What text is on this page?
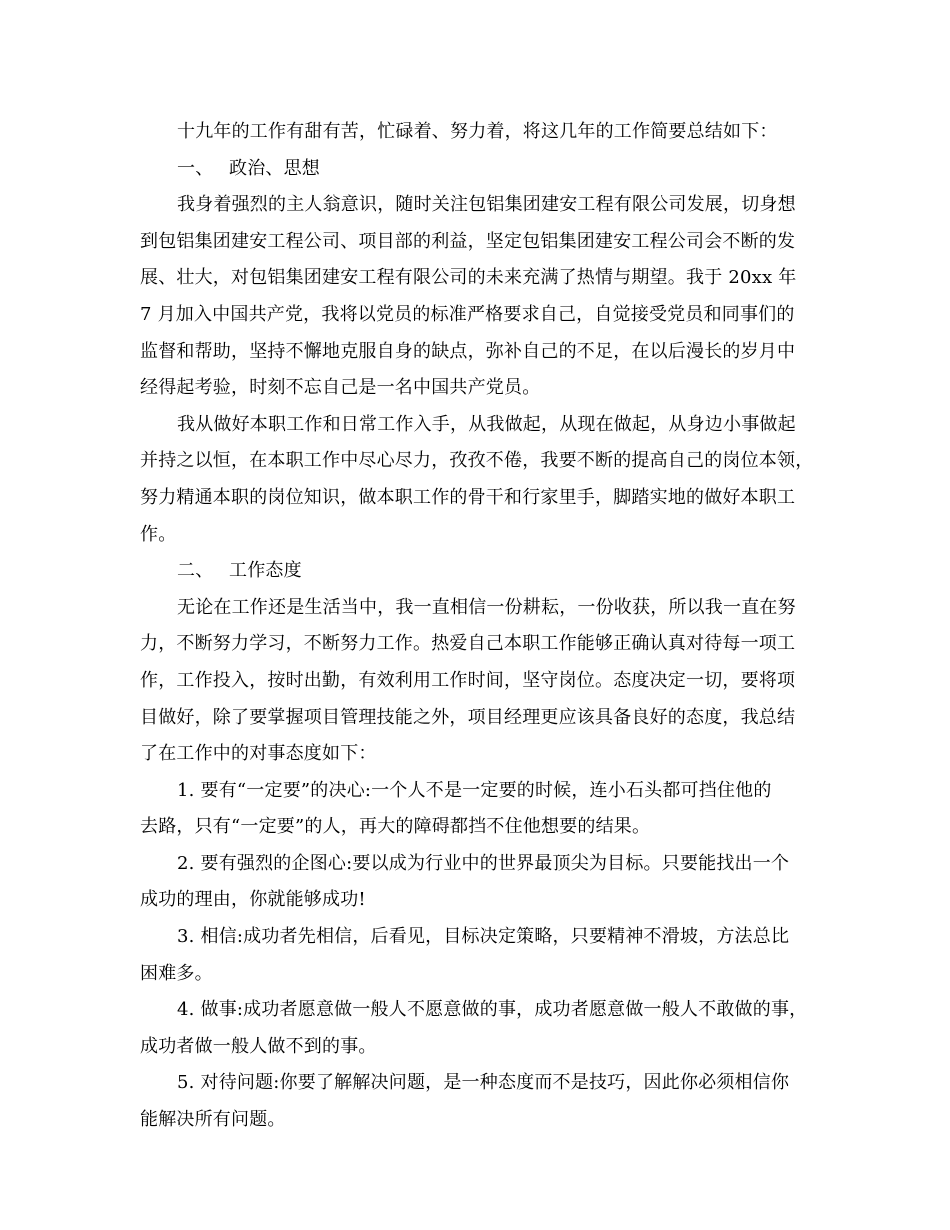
十九年的工作有甜有苦，忙碌着、努力着，将这几年的工作简要总结如下：
一、 政治、思想
我身着强烈的主人翁意识，随时关注包铝集团建安工程有限公司发展，切身想
到包铝集团建安工程公司、项目部的利益，坚定包铝集团建安工程公司会不断的发
展、壮大，对包铝集团建安工程有限公司的未来充满了热情与期望。我于 20xx 年
7 月加入中国共产党，我将以党员的标准严格要求自己，自觉接受党员和同事们的
监督和帮助，坚持不懈地克服自身的缺点，弥补自己的不足，在以后漫长的岁月中
经得起考验，时刻不忘自己是一名中国共产党员。
我从做好本职工作和日常工作入手，从我做起，从现在做起，从身边小事做起
并持之以恒，在本职工作中尽心尽力，孜孜不倦，我要不断的提高自己的岗位本领，
努力精通本职的岗位知识，做本职工作的骨干和行家里手，脚踏实地的做好本职工
作。
二、 工作态度
无论在工作还是生活当中，我一直相信一份耕耘，一份收获，所以我一直在努
力，不断努力学习，不断努力工作。热爱自己本职工作能够正确认真对待每一项工
作，工作投入，按时出勤，有效利用工作时间，坚守岗位。态度决定一切，要将项
目做好，除了要掌握项目管理技能之外，项目经理更应该具备良好的态度，我总结
了在工作中的对事态度如下：
1. 要有“一定要”的决心:一个人不是一定要的时候，连小石头都可挡住他的
去路，只有“一定要”的人，再大的障碍都挡不住他想要的结果。
2. 要有强烈的企图心:要以成为行业中的世界最顶尖为目标。只要能找出一个
成功的理由，你就能够成功!
3. 相信:成功者先相信，后看见，目标决定策略，只要精神不滑坡，方法总比
困难多。
4. 做事:成功者愿意做一般人不愿意做的事，成功者愿意做一般人不敢做的事，
成功者做一般人做不到的事。
5. 对待问题:你要了解解决问题，是一种态度而不是技巧，因此你必须相信你
能解决所有问题。
